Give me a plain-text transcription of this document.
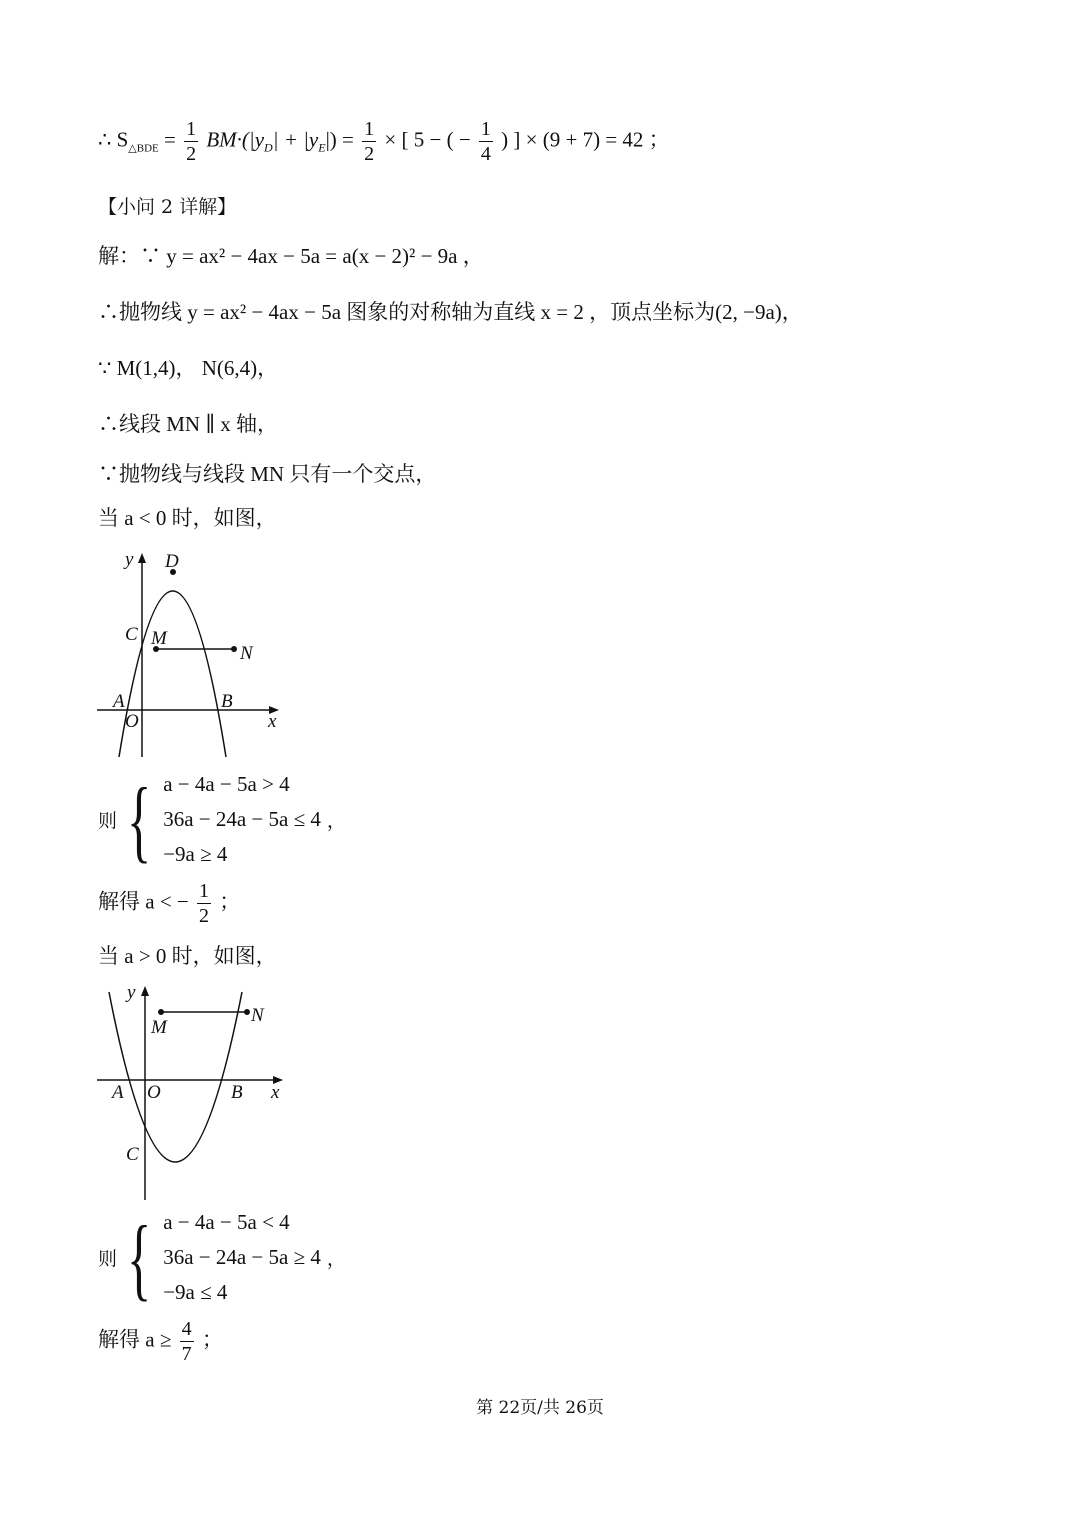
∴ $S_{\triangle BDE} = \frac{1}{2} BM\cdot(|y_D| + |y_E|) = \frac{1}{2}$ × [ 5 − ( − $\frac{1}{4}$ ) ] × (9 + 7) = 42 ；
【小问 2 详解】
解：∵ y = ax² − 4ax − 5a = a(x − 2)² − 9a ，
∴抛物线 y = ax² − 4ax − 5a 图象的对称轴为直线 x = 2 ，顶点坐标为(2, −9a)，
∵ M(1,4)， N(6,4)，
∴线段 MN ∥ x 轴，
∵抛物线与线段 MN 只有一个交点，
当 a < 0 时，如图，
y D
C M
N
A
O
B
x
则 { a − 4a − 5a > 4
36a − 24a − 5a ≤ 4
−9a ≥ 4
，
解得 a < − $\frac{1}{2}$ ；
当 a > 0 时，如图，
y
M
N
A O	B x
C
则 { a − 4a − 5a < 4
36a − 24a − 5a ≥ 4
−9a ≤ 4
，
解得 $a \ge \frac{4}{7}$ ；
第 22页/共 26页
